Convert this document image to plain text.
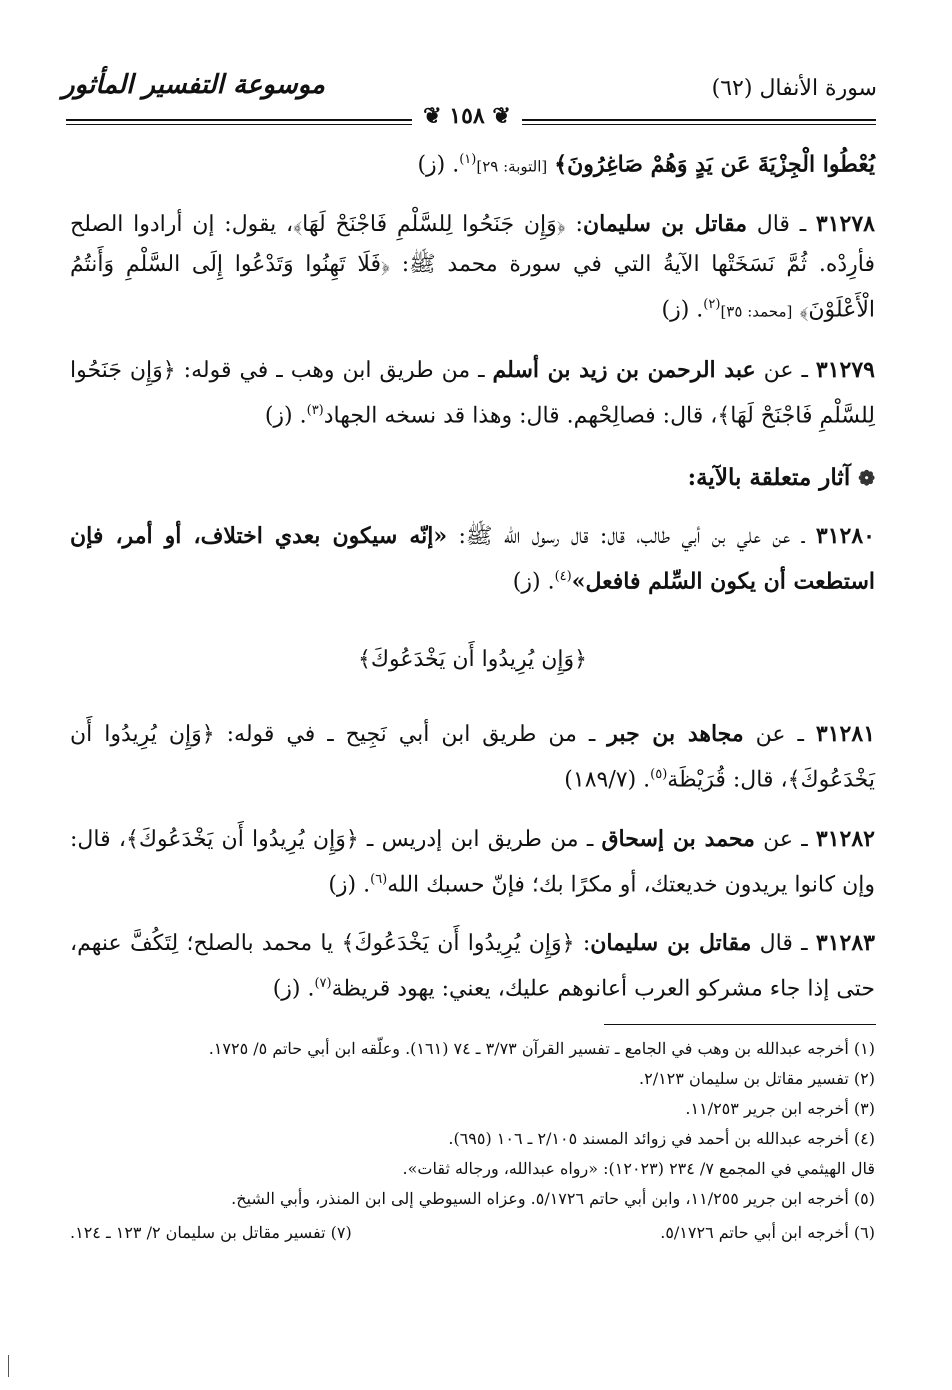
سورة الأنفال (٦٢)
موسوعة التفسير المأثور
❦ ١٥٨ ❦

يُعْطُوا الْجِزْيَةَ عَن يَدٍ وَهُمْ صَاغِرُونَ﴾ [التوبة: ٢٩]$^{(١)}$. (ز)

٣١٢٧٨ ـ قال مقاتل بن سليمان: ﴿وَإِن جَنَحُوا لِلسَّلْمِ فَاجْنَحْ لَهَا﴾، يقول: إن أرادوا الصلح فأرِدْه. ثُمَّ نَسَخَتْها الآيةُ التي في سورة محمد ﷺ: ﴿فَلَا تَهِنُوا وَتَدْعُوا إِلَى السَّلْمِ وَأَنتُمُ الْأَعْلَوْنَ﴾ [محمد: ٣٥]$^{(٢)}$. (ز)

٣١٢٧٩ ـ عن عبد الرحمن بن زيد بن أسلم ـ من طريق ابن وهب ـ في قوله: ﴿وَإِن جَنَحُوا لِلسَّلْمِ فَاجْنَحْ لَهَا﴾، قال: فصالِحْهم. قال: وهذا قد نسخه الجهاد$^{(٣)}$. (ز)

❁ آثار متعلقة بالآية:

٣١٢٨٠ ـ عن علي بن أبي طالب، قال: قال رسول الله ﷺ: «إنّه سيكون بعدي اختلاف، أو أمر، فإن استطعت أن يكون السِّلم فافعل»$^{(٤)}$. (ز)

﴿وَإِن يُرِيدُوا أَن يَخْدَعُوكَ﴾

٣١٢٨١ ـ عن مجاهد بن جبر ـ من طريق ابن أبي نَجِيح ـ في قوله: ﴿وَإِن يُرِيدُوا أَن يَخْدَعُوكَ﴾، قال: قُرَيْظَة$^{(٥)}$. (١٨٩/٧)

٣١٢٨٢ ـ عن محمد بن إسحاق ـ من طريق ابن إدريس ـ ﴿وَإِن يُرِيدُوا أَن يَخْدَعُوكَ﴾، قال: وإن كانوا يريدون خديعتك، أو مكرًا بك؛ فإنّ حسبك الله$^{(٦)}$. (ز)

٣١٢٨٣ ـ قال مقاتل بن سليمان: ﴿وَإِن يُرِيدُوا أَن يَخْدَعُوكَ﴾ يا محمد بالصلح؛ لِتَكُفَّ عنهم، حتى إذا جاء مشركو العرب أعانوهم عليك، يعني: يهود قريظة$^{(٧)}$. (ز)

(١) أخرجه عبدالله بن وهب في الجامع ـ تفسير القرآن ٣/٧٣ ـ ٧٤ (١٦١). وعلّقه ابن أبي حاتم ٥/ ١٧٢٥.

(٢) تفسير مقاتل بن سليمان ٢/١٢٣.

(٣) أخرجه ابن جرير ١١/٢٥٣.

(٤) أخرجه عبدالله بن أحمد في زوائد المسند ٢/١٠٥ ـ ١٠٦ (٦٩٥).

قال الهيثمي في المجمع ٧/ ٢٣٤ (١٢٠٢٣): «رواه عبدالله، ورجاله ثقات».

(٥) أخرجه ابن جرير ١١/٢٥٥، وابن أبي حاتم ٥/١٧٢٦. وعزاه السيوطي إلى ابن المنذر، وأبي الشيخ.

(٦) أخرجه ابن أبي حاتم ٥/١٧٢٦.
(٧) تفسير مقاتل بن سليمان ٢/ ١٢٣ ـ ١٢٤.
